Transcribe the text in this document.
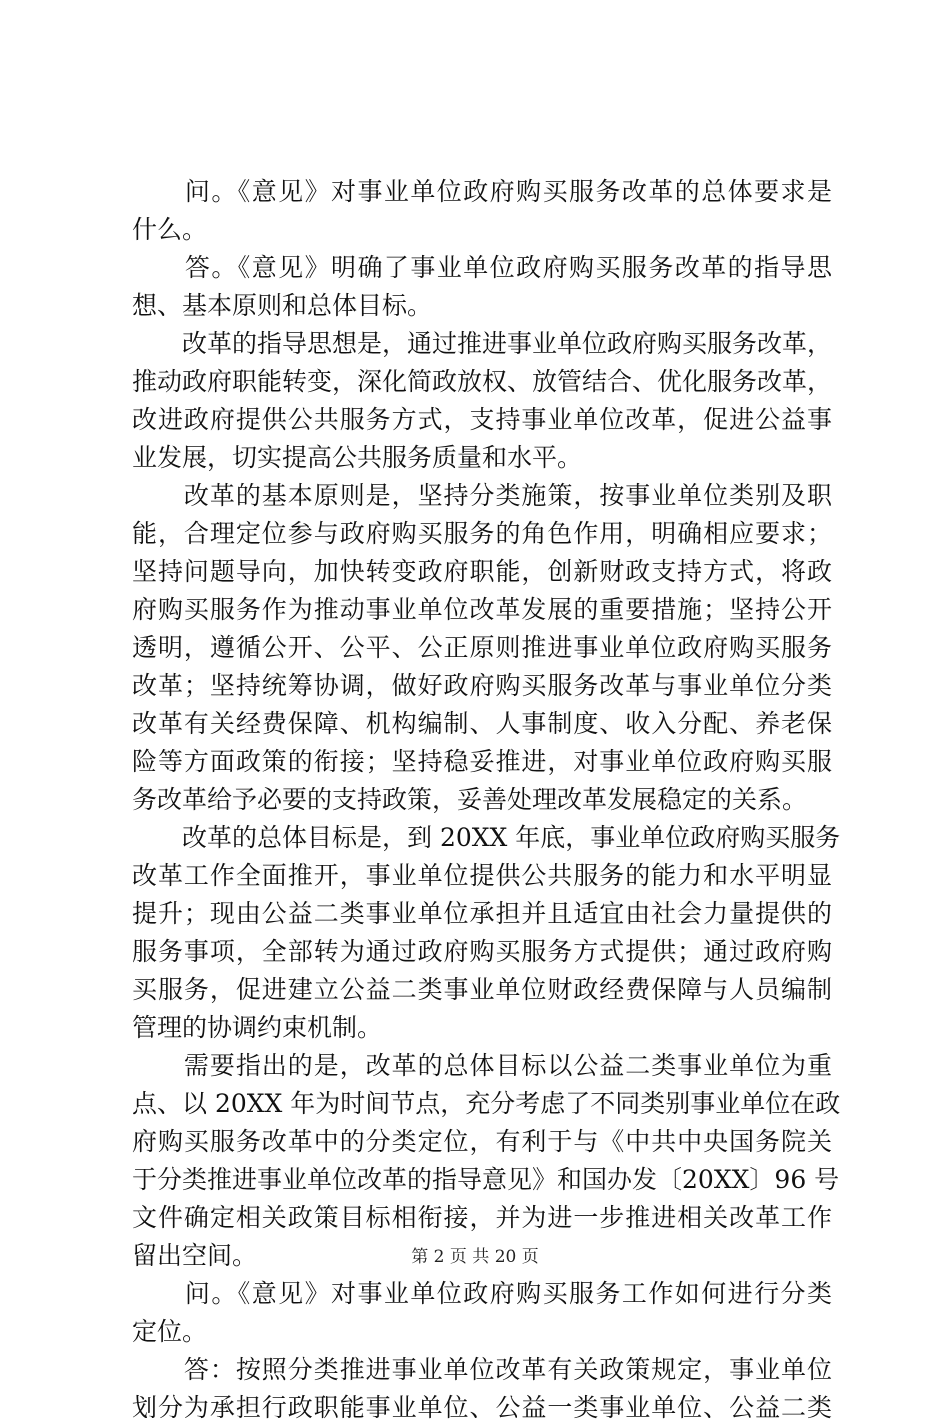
　　问。《意见》对事业单位政府购买服务改革的总体要求是
什么。
　　答。《意见》明确了事业单位政府购买服务改革的指导思
想、基本原则和总体目标。
　　改革的指导思想是，通过推进事业单位政府购买服务改革，
推动政府职能转变，深化简政放权、放管结合、优化服务改革，
改进政府提供公共服务方式，支持事业单位改革，促进公益事
业发展，切实提高公共服务质量和水平。
　　改革的基本原则是，坚持分类施策，按事业单位类别及职
能，合理定位参与政府购买服务的角色作用，明确相应要求；
坚持问题导向，加快转变政府职能，创新财政支持方式，将政
府购买服务作为推动事业单位改革发展的重要措施；坚持公开
透明，遵循公开、公平、公正原则推进事业单位政府购买服务
改革；坚持统筹协调，做好政府购买服务改革与事业单位分类
改革有关经费保障、机构编制、人事制度、收入分配、养老保
险等方面政策的衔接；坚持稳妥推进，对事业单位政府购买服
务改革给予必要的支持政策，妥善处理改革发展稳定的关系。
　　改革的总体目标是，到 20XX 年底，事业单位政府购买服务
改革工作全面推开，事业单位提供公共服务的能力和水平明显
提升；现由公益二类事业单位承担并且适宜由社会力量提供的
服务事项，全部转为通过政府购买服务方式提供；通过政府购
买服务，促进建立公益二类事业单位财政经费保障与人员编制
管理的协调约束机制。
　　需要指出的是，改革的总体目标以公益二类事业单位为重
点、以 20XX 年为时间节点，充分考虑了不同类别事业单位在政
府购买服务改革中的分类定位，有利于与《中共中央国务院关
于分类推进事业单位改革的指导意见》和国办发〔20XX〕96 号
文件确定相关政策目标相衔接，并为进一步推进相关改革工作
留出空间。
　　问。《意见》对事业单位政府购买服务工作如何进行分类
定位。
　　答：按照分类推进事业单位改革有关政策规定，事业单位
划分为承担行政职能事业单位、公益一类事业单位、公益二类
第 2 页 共 20 页
